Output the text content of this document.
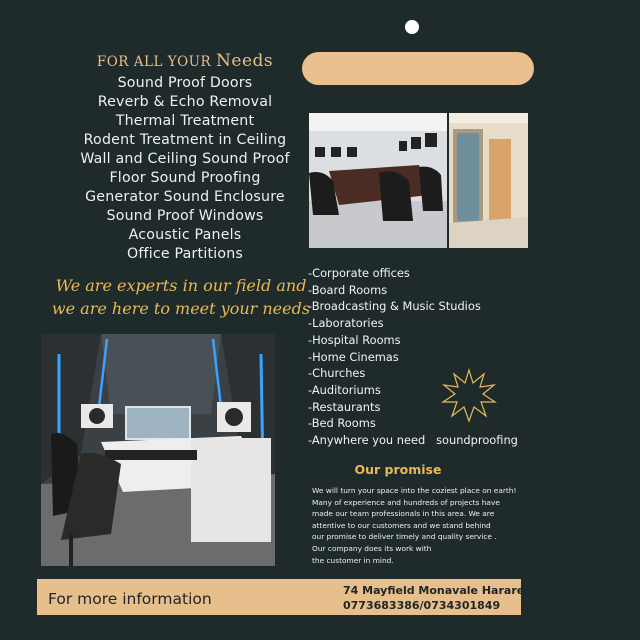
FOR ALL YOUR Needs
Sound Proof Doors
Reverb & Echo Removal
Thermal Treatment
Rodent Treatment in Ceiling
Wall and Ceiling Sound Proof
Floor Sound Proofing
Generator Sound Enclosure
Sound Proof Windows
Acoustic Panels
Office Partitions
We are experts in our field and
we are here to meet your needs
-Corporate offices
-Board Rooms
-Broadcasting & Music Studios
-Laboratories
-Hospital Rooms
-Home Cinemas
-Churches
-Auditoriums
-Restaurants
-Bed Rooms
-Anywhere you need   soundproofing
Our promise
We will turn your space into the coziest place on earth!
Many of experience and hundreds of projects have
made our team professionals in this area. We are
attentive to our customers and we stand behind
our promise to deliver timely and quality service .
Our company does its work with
the customer in mind.
For more information	74 Mayfield Monavale Harare
0773683386/0734301849
